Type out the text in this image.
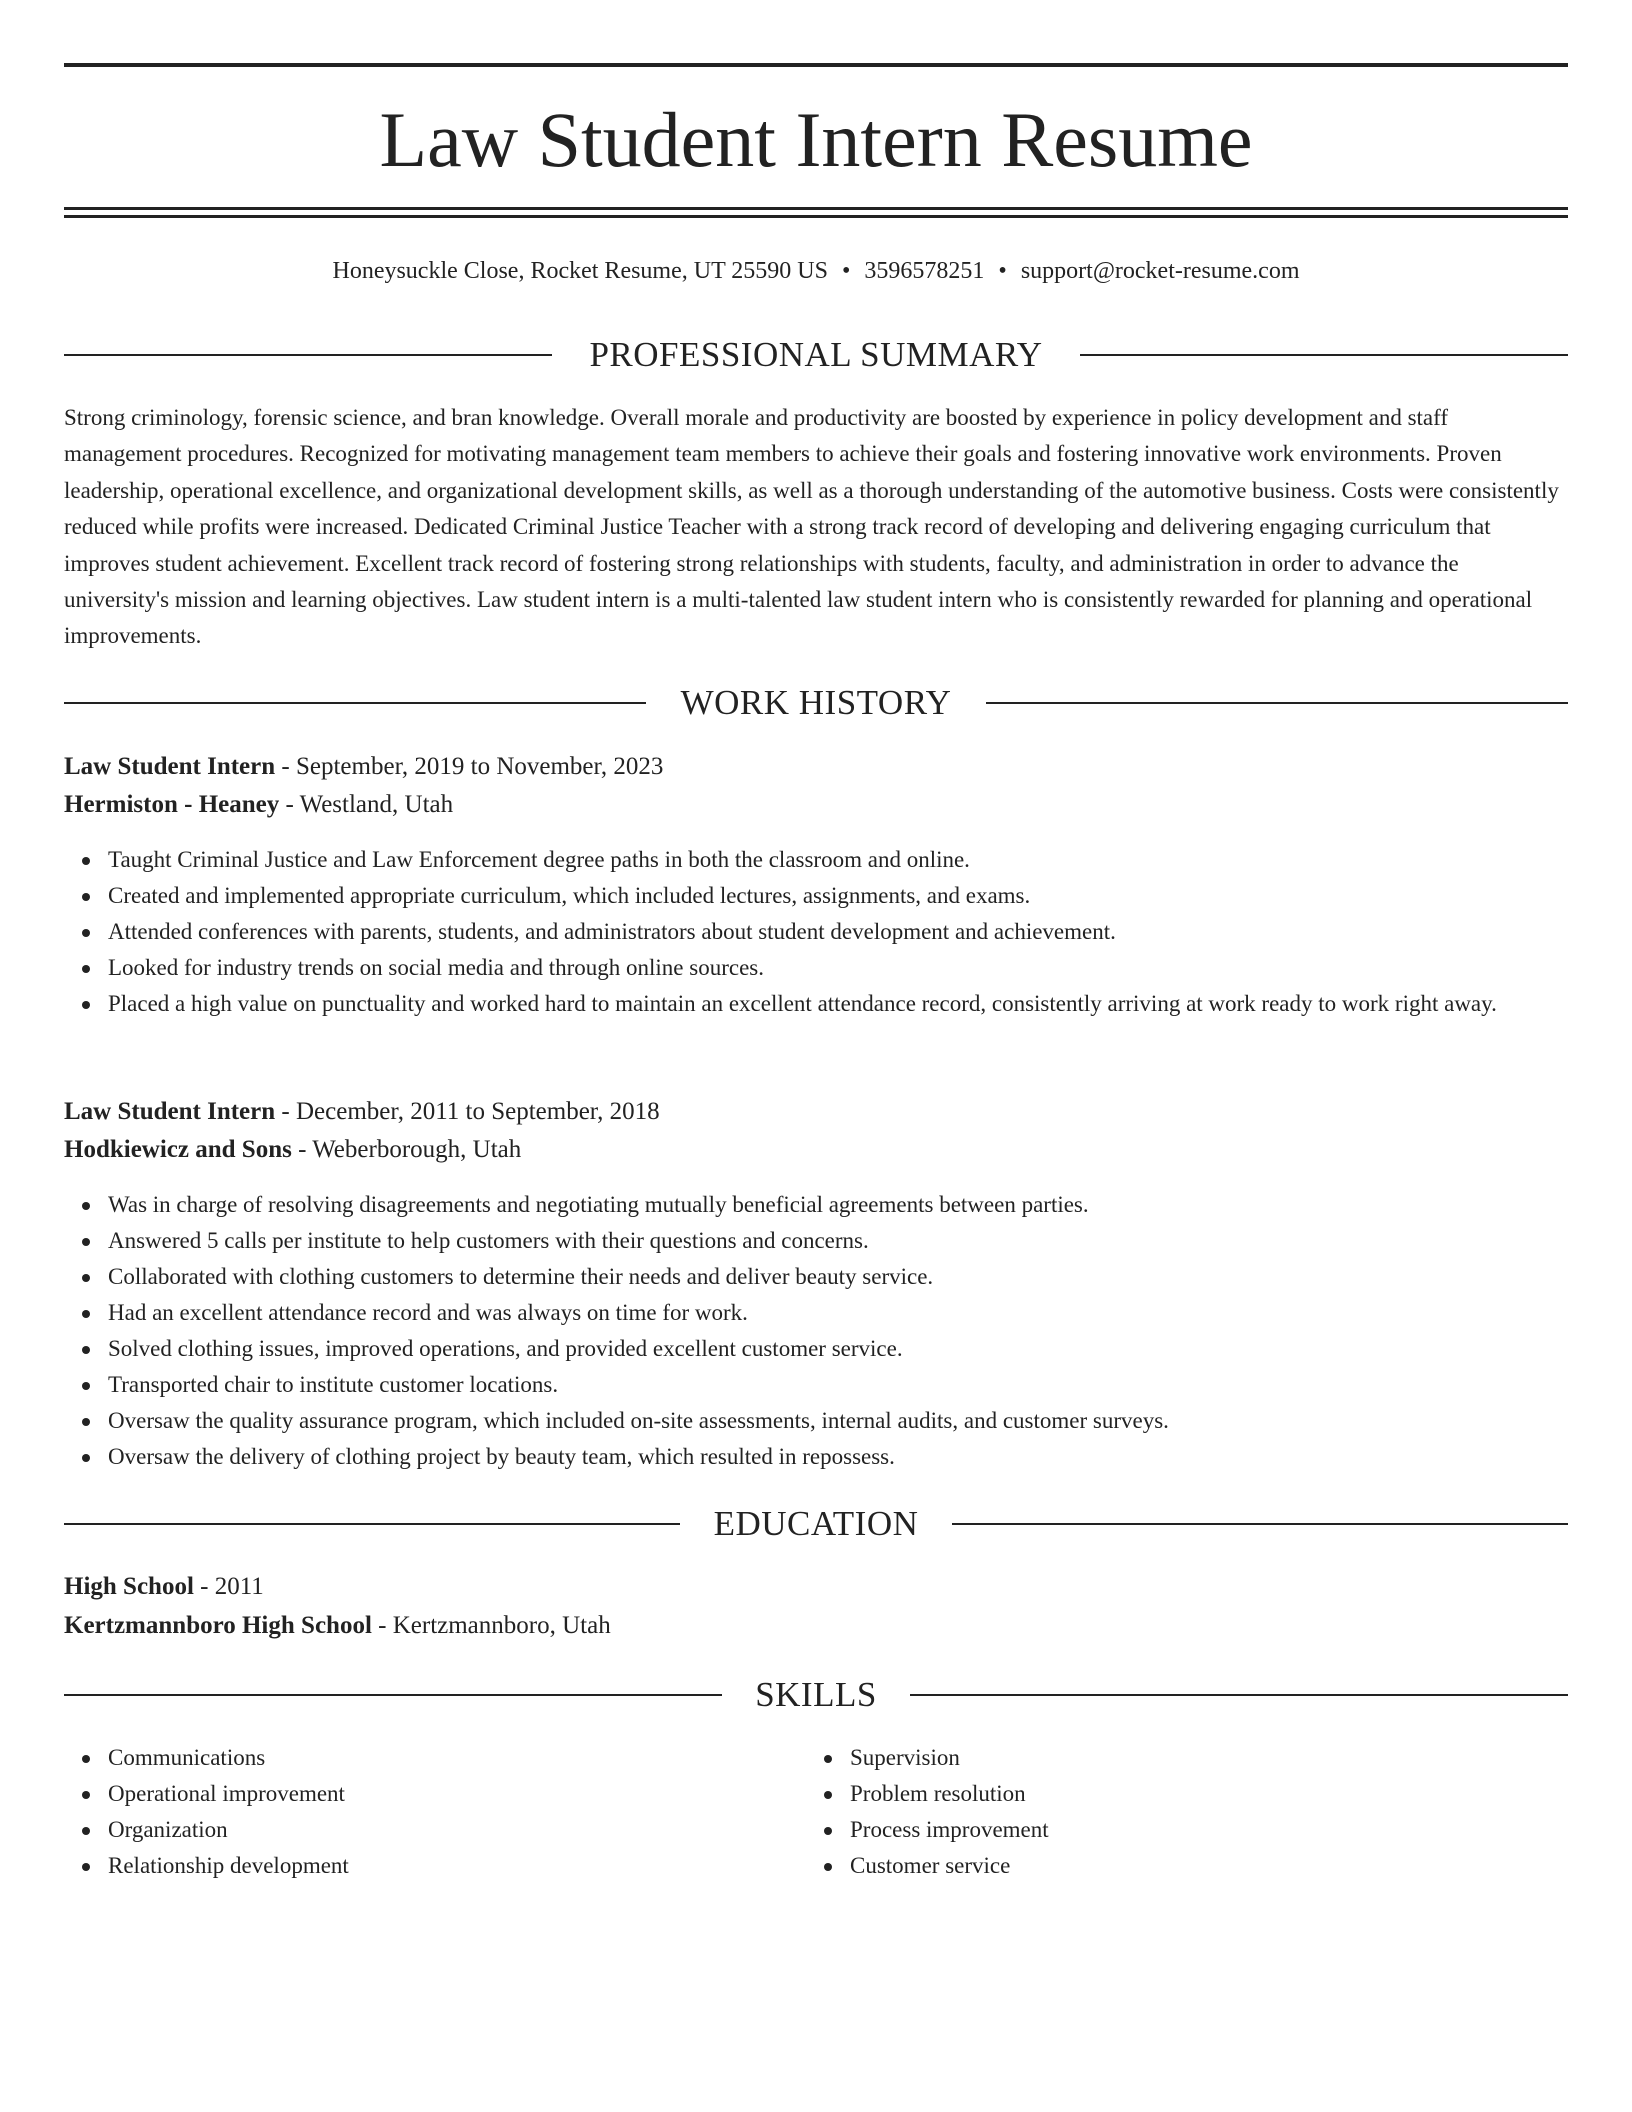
Law Student Intern Resume
Honeysuckle Close, Rocket Resume, UT 25590 US • 3596578251 • support@rocket-resume.com
PROFESSIONAL SUMMARY
Strong criminology, forensic science, and bran knowledge. Overall morale and productivity are boosted by experience in policy development and staff management procedures. Recognized for motivating management team members to achieve their goals and fostering innovative work environments. Proven leadership, operational excellence, and organizational development skills, as well as a thorough understanding of the automotive business. Costs were consistently reduced while profits were increased. Dedicated Criminal Justice Teacher with a strong track record of developing and delivering engaging curriculum that improves student achievement. Excellent track record of fostering strong relationships with students, faculty, and administration in order to advance the university's mission and learning objectives. Law student intern is a multi-talented law student intern who is consistently rewarded for planning and operational improvements.
WORK HISTORY
Law Student Intern - September, 2019 to November, 2023
Hermiston - Heaney - Westland, Utah
Taught Criminal Justice and Law Enforcement degree paths in both the classroom and online.
Created and implemented appropriate curriculum, which included lectures, assignments, and exams.
Attended conferences with parents, students, and administrators about student development and achievement.
Looked for industry trends on social media and through online sources.
Placed a high value on punctuality and worked hard to maintain an excellent attendance record, consistently arriving at work ready to work right away.
Law Student Intern - December, 2011 to September, 2018
Hodkiewicz and Sons - Weberborough, Utah
Was in charge of resolving disagreements and negotiating mutually beneficial agreements between parties.
Answered 5 calls per institute to help customers with their questions and concerns.
Collaborated with clothing customers to determine their needs and deliver beauty service.
Had an excellent attendance record and was always on time for work.
Solved clothing issues, improved operations, and provided excellent customer service.
Transported chair to institute customer locations.
Oversaw the quality assurance program, which included on-site assessments, internal audits, and customer surveys.
Oversaw the delivery of clothing project by beauty team, which resulted in repossess.
EDUCATION
High School - 2011
Kertzmannboro High School - Kertzmannboro, Utah
SKILLS
Communications
Operational improvement
Organization
Relationship development
Supervision
Problem resolution
Process improvement
Customer service
